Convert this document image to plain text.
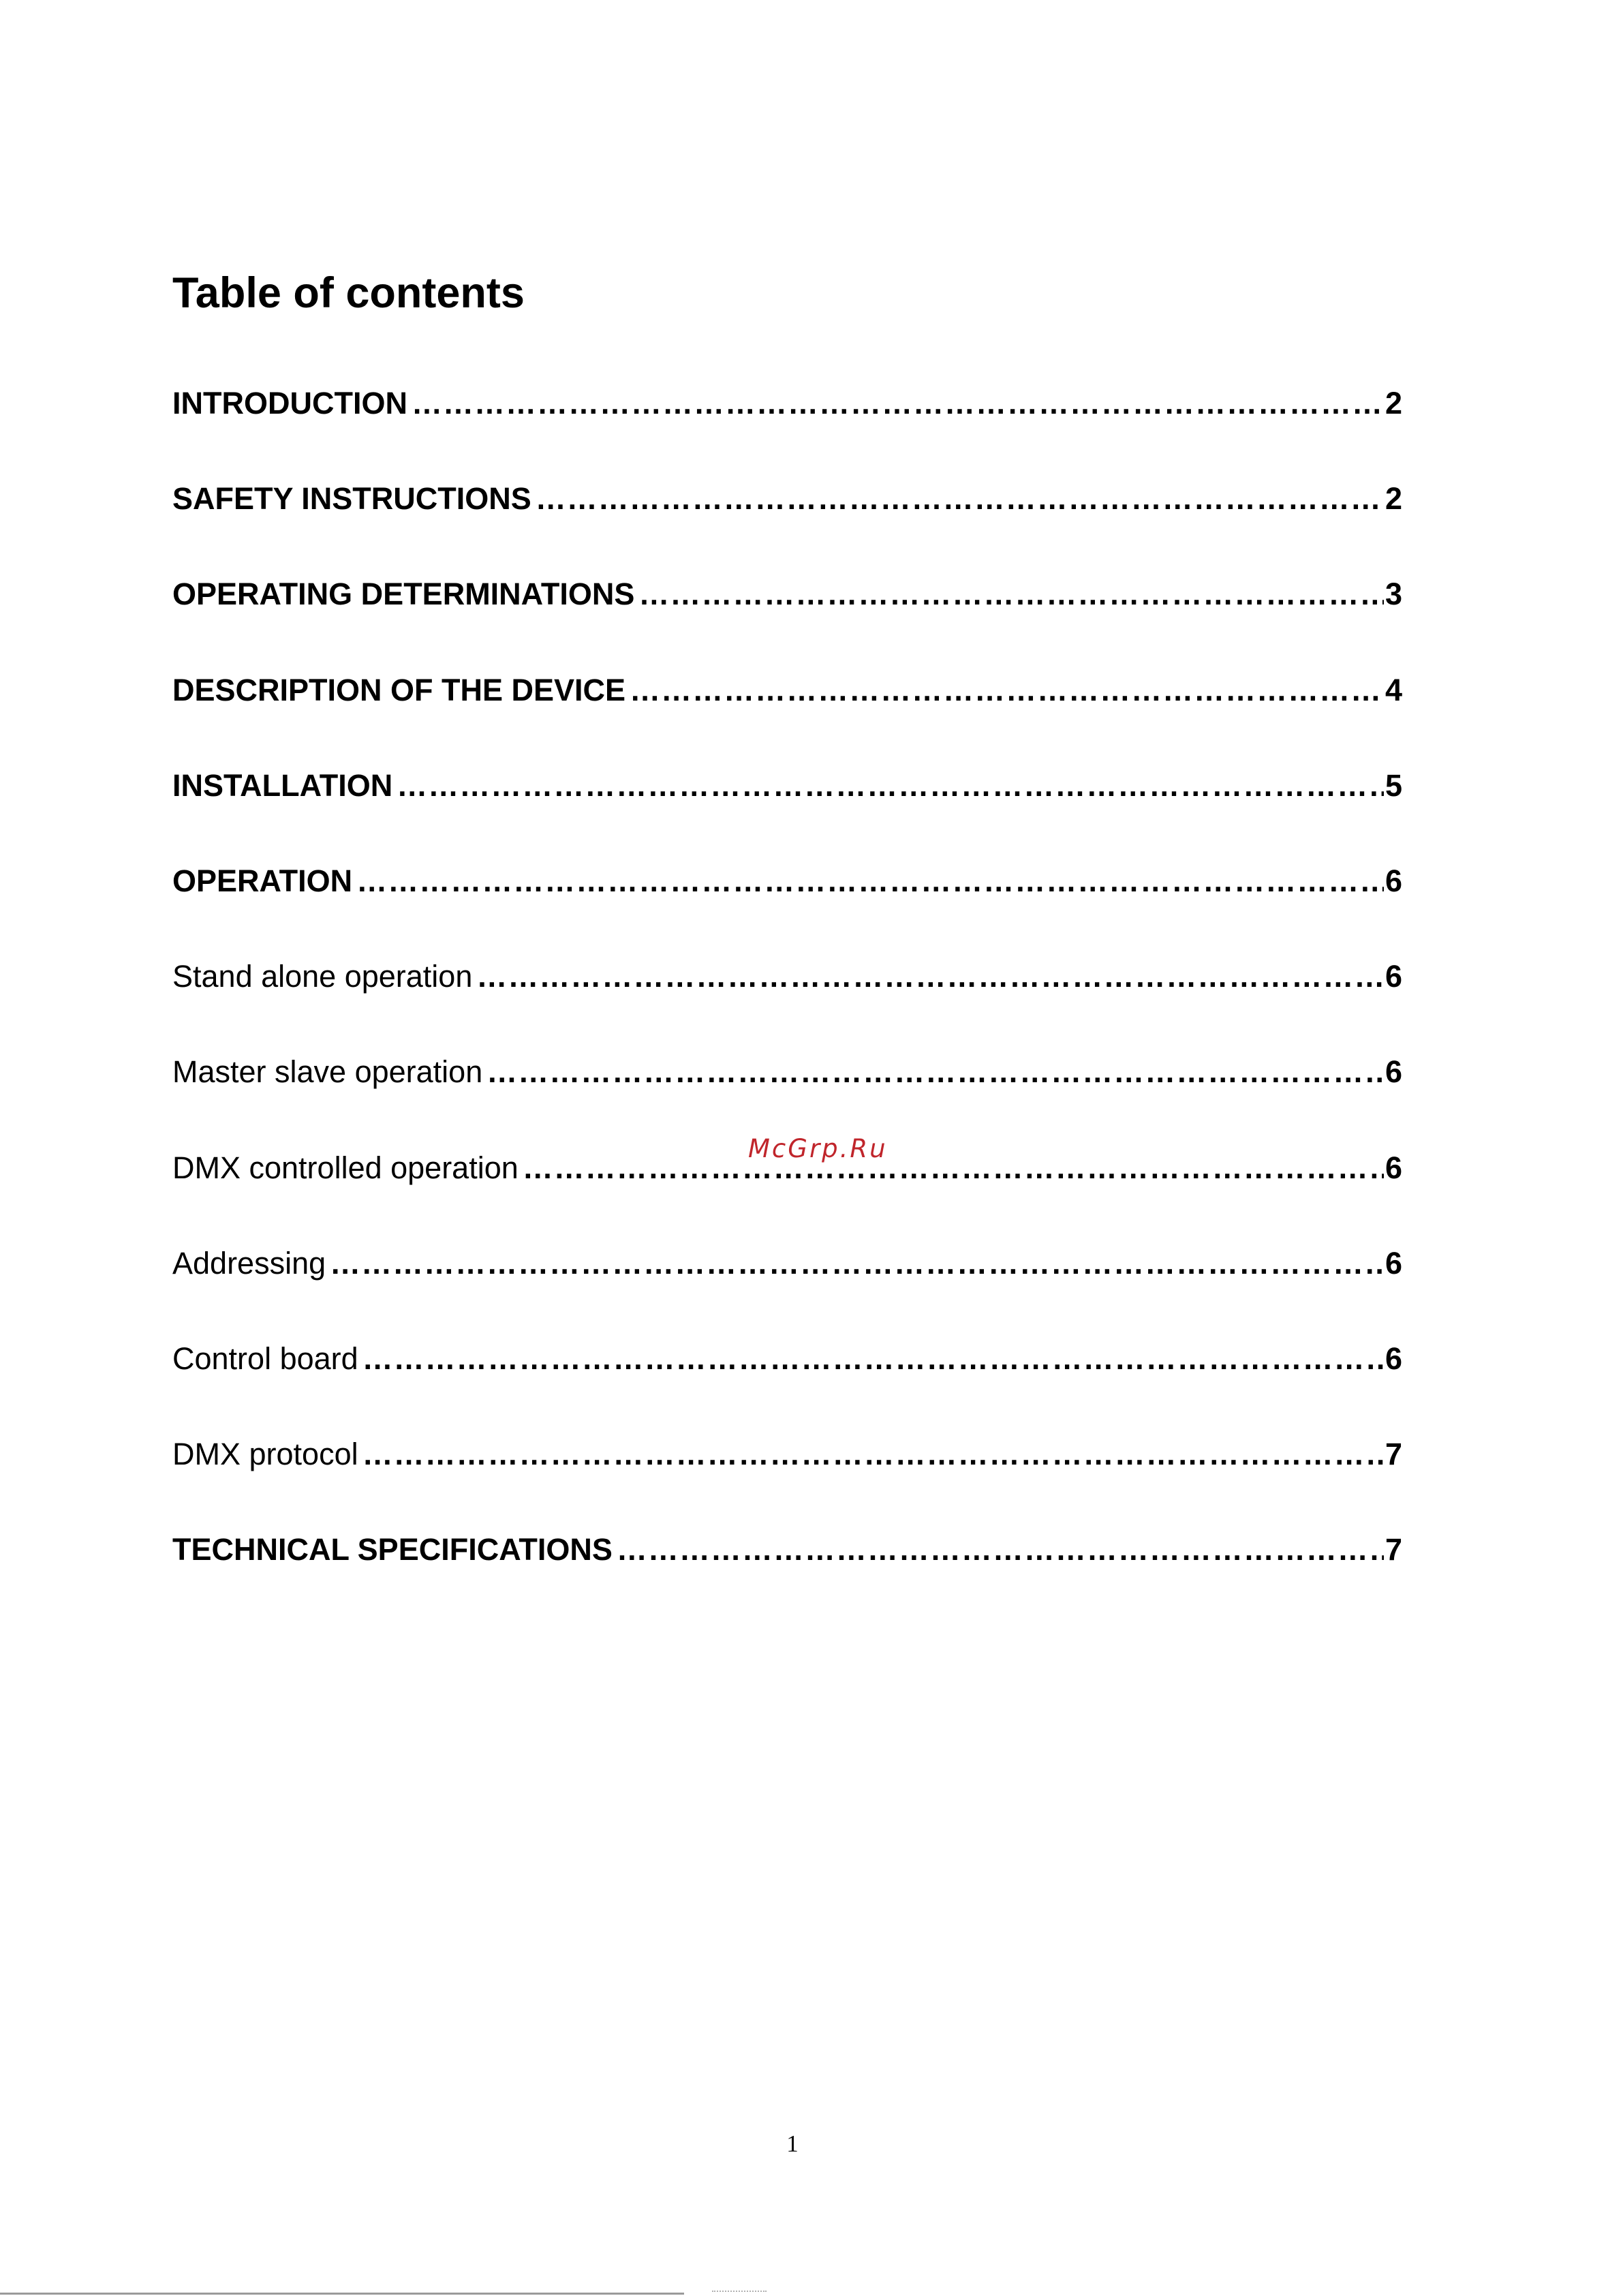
Table of contents
INTRODUCTION ………………………………………………………………………………………………………………………………………………………………………………………………	2
SAFETY INSTRUCTIONS ………………………………………………………………………………………………………………………………………………………………………………………………	2
OPERATING DETERMINATIONS ………………………………………………………………………………………………………………………………………………………………………………………………	3
DESCRIPTION OF THE DEVICE ………………………………………………………………………………………………………………………………………………………………………………………………	4
INSTALLATION ………………………………………………………………………………………………………………………………………………………………………………………………	5
OPERATION ………………………………………………………………………………………………………………………………………………………………………………………………	6
Stand alone operation ………………………………………………………………………………………………………………………………………………………………………………………………	6
Master slave operation ………………………………………………………………………………………………………………………………………………………………………………………………	6
DMX controlled operation ………………………………………………………………………………………………………………………………………………………………………………………………	6
Addressing ………………………………………………………………………………………………………………………………………………………………………………………………	6
Control board ………………………………………………………………………………………………………………………………………………………………………………………………	6
DMX protocol ………………………………………………………………………………………………………………………………………………………………………………………………	7
TECHNICAL SPECIFICATIONS ………………………………………………………………………………………………………………………………………………………………………………………………	7
McGrp.Ru
1
